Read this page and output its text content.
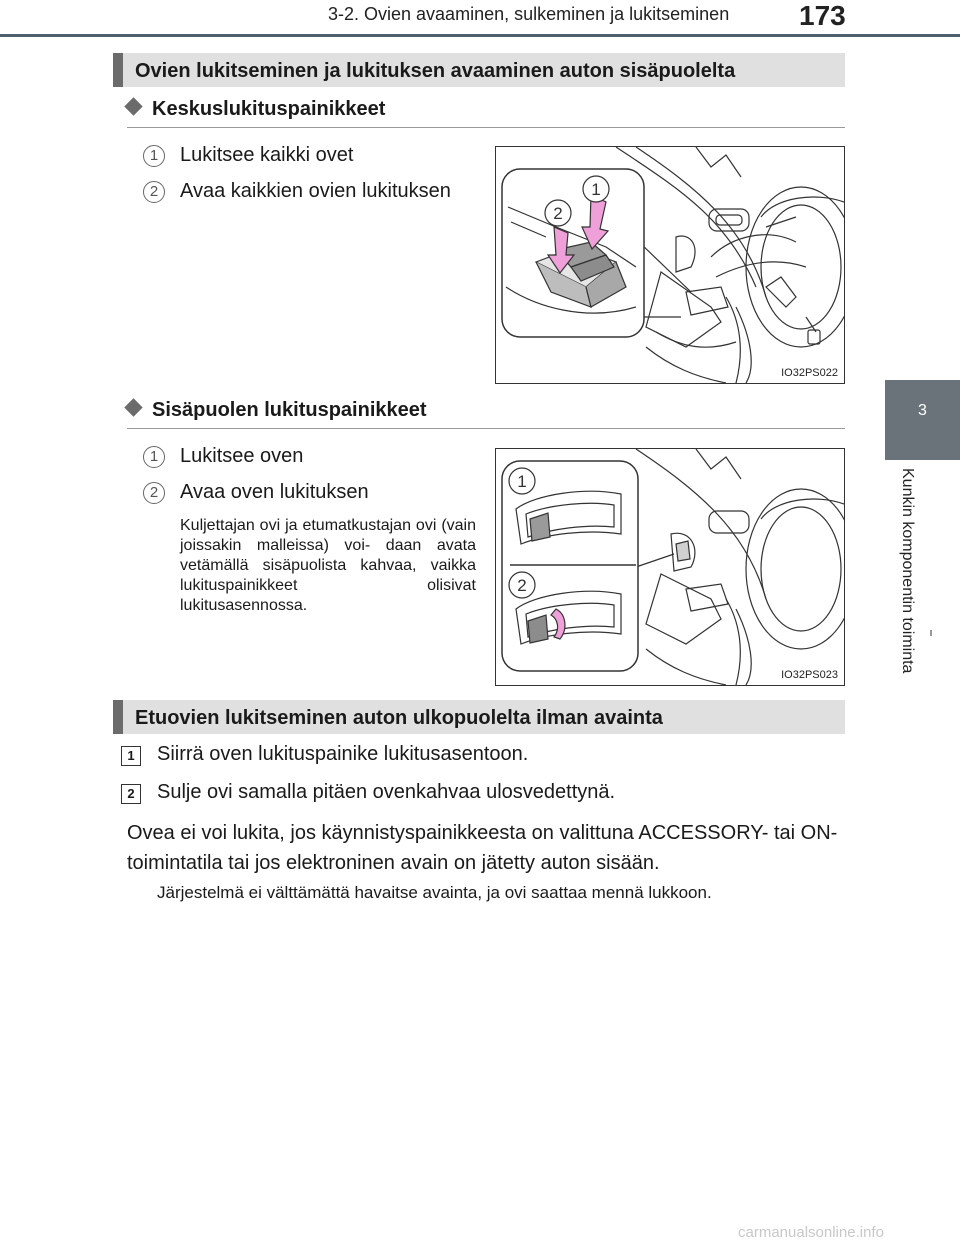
3-2. Ovien avaaminen, sulkeminen ja lukitseminen 173
3
Kunkin komponentin toiminta
Ovien lukitseminen ja lukituksen avaaminen auton sisäpuolelta
Keskuslukituspainikkeet
1	Lukitsee kaikki ovet
2	Avaa kaikkien ovien lukituksen	1
2
IO32PS022
Sisäpuolen lukituspainikkeet
1	Lukitsee oven
2	Avaa oven lukituksen
Kuljettajan ovi ja etumatkustajan ovi (vain joissakin malleissa) voi- daan avata vetämällä sisäpuolista kahvaa, vaikka lukituspainikkeet olisivat lukitusasennossa.
1
2
IO32PS023
Etuovien lukitseminen auton ulkopuolelta ilman avainta
1	Siirrä oven lukituspainike lukitusasentoon.
2	Sulje ovi samalla pitäen ovenkahvaa ulosvedettynä.
Ovea ei voi lukita, jos käynnistyspainikkeesta on valittuna ACCESSORY- tai ON-toimintatila tai jos elektroninen avain on jätetty auton sisään.
Järjestelmä ei välttämättä havaitse avainta, ja ovi saattaa mennä lukkoon.
carmanualsonline.info
